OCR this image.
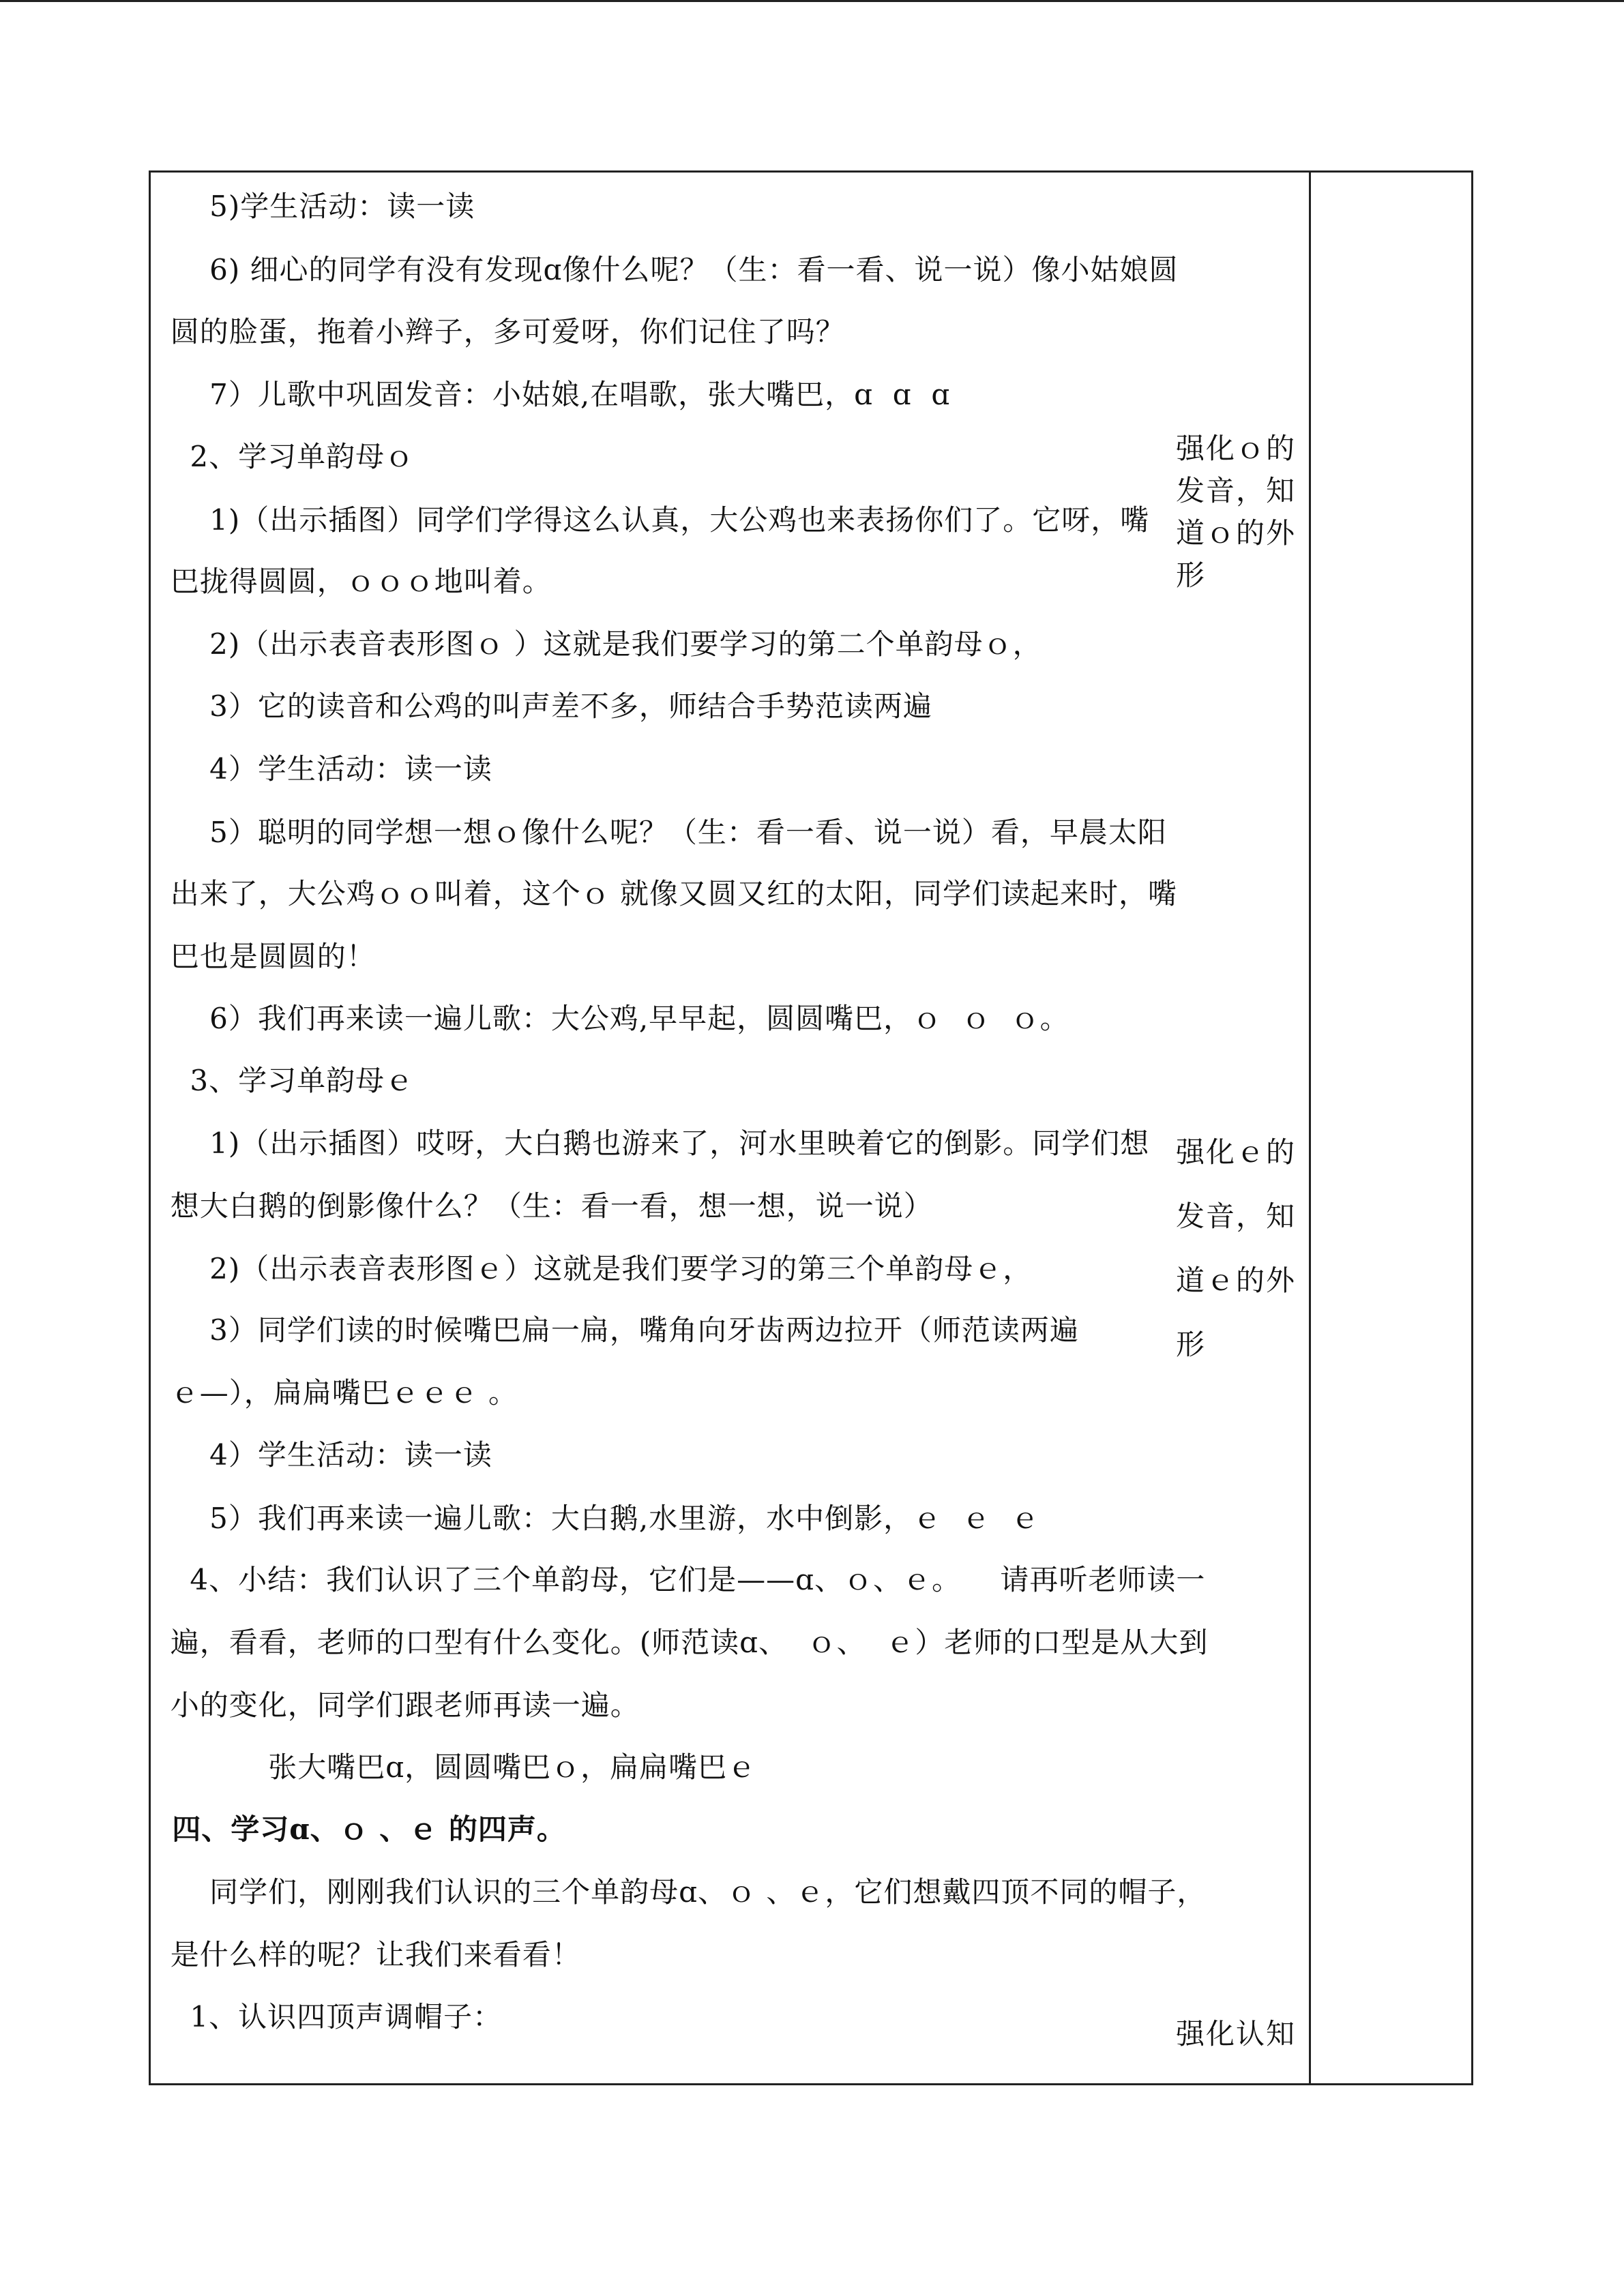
5)学生活动：读一读
6) 细心的同学有没有发现ɑ像什么呢？（生：看一看、说一说）像小姑娘圆
圆的脸蛋，拖着小辫子，多可爱呀，你们记住了吗？
7）儿歌中巩固发音：小姑娘,在唱歌，张大嘴巴，ɑ  ɑ  ɑ
2、学习单韵母ｏ
1)（出示插图）同学们学得这么认真，大公鸡也来表扬你们了。它呀，嘴
巴拢得圆圆，ｏｏｏ地叫着。
2)（出示表音表形图ｏ ）这就是我们要学习的第二个单韵母ｏ，
3）它的读音和公鸡的叫声差不多，师结合手势范读两遍
4）学生活动：读一读
5）聪明的同学想一想ｏ像什么呢？（生：看一看、说一说）看，早晨太阳
出来了，大公鸡ｏｏ叫着，这个ｏ 就像又圆又红的太阳，同学们读起来时，嘴
巴也是圆圆的！
6）我们再来读一遍儿歌：大公鸡,早早起，圆圆嘴巴，ｏ  ｏ  ｏ。
3、学习单韵母ｅ
1)（出示插图）哎呀，大白鹅也游来了，河水里映着它的倒影。同学们想
想大白鹅的倒影像什么？（生：看一看，想一想，说一说）
2)（出示表音表形图ｅ）这就是我们要学习的第三个单韵母ｅ，
3）同学们读的时候嘴巴扁一扁，嘴角向牙齿两边拉开（师范读两遍
ｅ—），扁扁嘴巴ｅｅｅ 。
4）学生活动：读一读
5）我们再来读一遍儿歌：大白鹅,水里游，水中倒影，ｅ  ｅ  ｅ
4、小结：我们认识了三个单韵母，它们是——ɑ、ｏ、ｅ。    请再听老师读一
遍，看看，老师的口型有什么变化。(师范读ɑ、  ｏ、  ｅ）老师的口型是从大到
小的变化，同学们跟老师再读一遍。
张大嘴巴ɑ，圆圆嘴巴ｏ，扁扁嘴巴ｅ
四、学习ɑ、ｏ 、ｅ 的四声。
同学们，刚刚我们认识的三个单韵母ɑ、ｏ 、ｅ，它们想戴四顶不同的帽子，
是什么样的呢？让我们来看看！
1、认识四顶声调帽子：
强化ｏ的
发音，知
道ｏ的外
形
强化ｅ的
发音，知
道ｅ的外
形
强化认知
